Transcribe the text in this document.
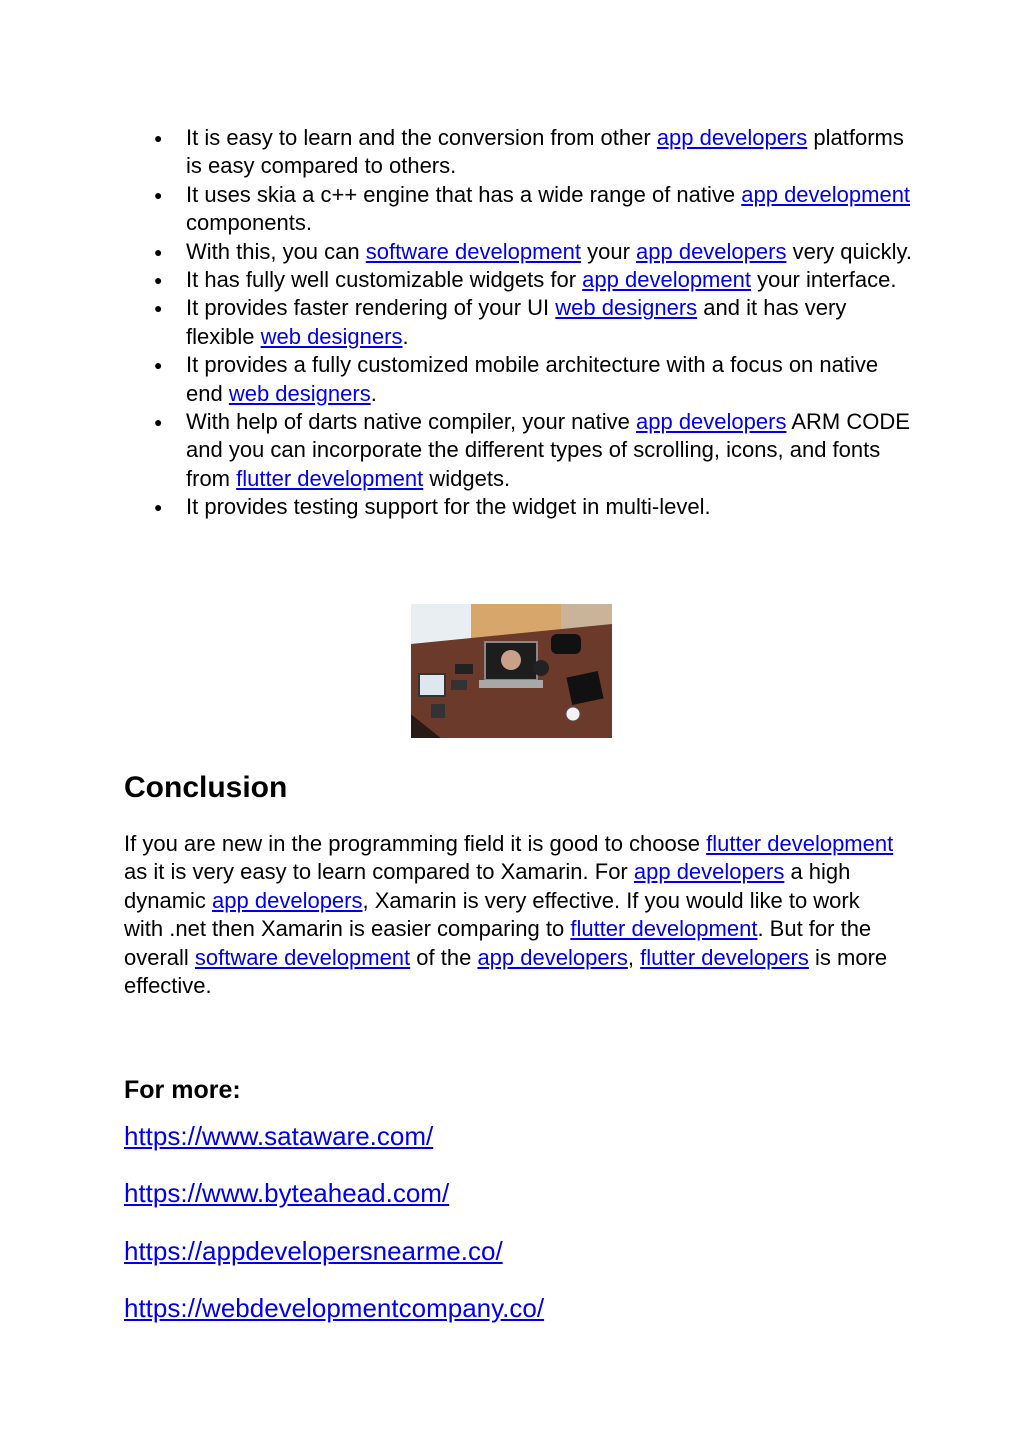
● It is easy to learn and the conversion from other app developers platforms is easy compared to others.
● It uses skia a c++ engine that has a wide range of native app development components.
● With this, you can software development your app developers very quickly.
● It has fully well customizable widgets for app development your interface.
● It provides faster rendering of your UI web designers and it has very flexible web designers.
● It provides a fully customized mobile architecture with a focus on native end web designers.
● With help of darts native compiler, your native app developers ARM CODE and you can incorporate the different types of scrolling, icons, and fonts from flutter development widgets.
● It provides testing support for the widget in multi-level.
Conclusion

If you are new in the programming field it is good to choose flutter development as it is very easy to learn compared to Xamarin. For app developers a high dynamic app developers, Xamarin is very effective. If you would like to work with .net then Xamarin is easier comparing to flutter development. But for the overall software development of the app developers, flutter developers is more effective.

For more:
https://www.sataware.com/
https://www.byteahead.com/
https://appdevelopersnearme.co/
https://webdevelopmentcompany.co/
